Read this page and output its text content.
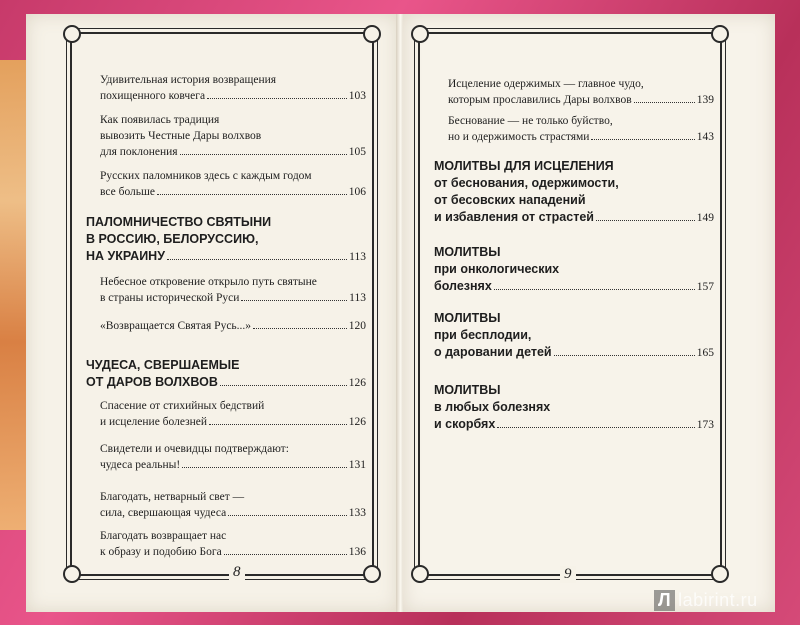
Удивительная история возвращения
похищенного ковчега	103
Как появилась традиция
вывозить Честные Дары волхвов
для поклонения	105
Русских паломников здесь с каждым годом
все больше	106
ПАЛОМНИЧЕСТВО СВЯТЫНИ
В РОССИЮ, БЕЛОРУССИЮ,
НА УКРАИНУ	113
Небесное откровение открыло путь святыне
в страны исторической Руси	113
«Возвращается Святая Русь...»	120
ЧУДЕСА, СВЕРШАЕМЫЕ
ОТ ДАРОВ ВОЛХВОВ	126
Спасение от стихийных бедствий
и исцеление болезней	126
Свидетели и очевидцы подтверждают:
чудеса реальны!	131
Благодать, нетварный свет —
сила, свершающая чудеса	133
Благодать возвращает нас
к образу и подобию Бога	136
Исцеление одержимых — главное чудо,
которым прославились Дары волхвов	139
Беснование — не только буйство,
но и одержимость страстями	143
МОЛИТВЫ ДЛЯ ИСЦЕЛЕНИЯ
от беснования, одержимости,
от бесовских нападений
и избавления от страстей	149
МОЛИТВЫ
при онкологических
болезнях	157
МОЛИТВЫ
при бесплодии,
о даровании детей	165
МОЛИТВЫ
в любых болезнях
и скорбях	173
8	9
Л labirint.ru
